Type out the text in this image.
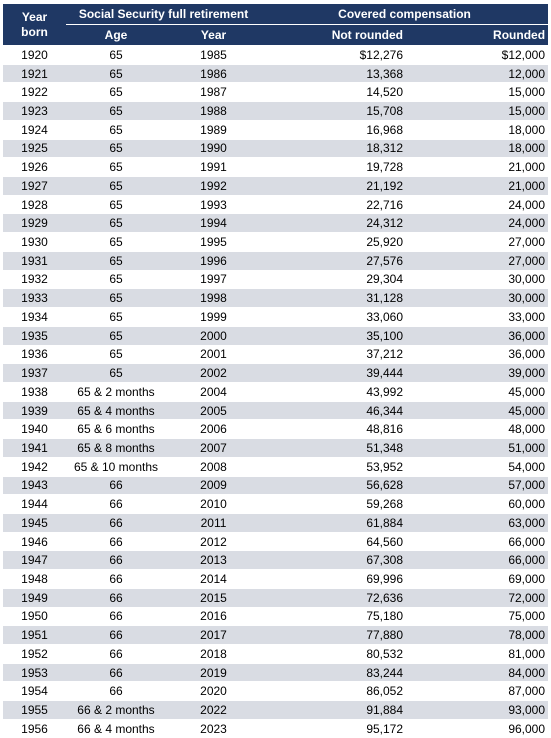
Year
born	Social Security full retirement		Covered compensation	
	Age	Year	Not rounded	Rounded
1920	65	1985	$12,276	$12,000
1921	65	1986	13,368	12,000
1922	65	1987	14,520	15,000
1923	65	1988	15,708	15,000
1924	65	1989	16,968	18,000
1925	65	1990	18,312	18,000
1926	65	1991	19,728	21,000
1927	65	1992	21,192	21,000
1928	65	1993	22,716	24,000
1929	65	1994	24,312	24,000
1930	65	1995	25,920	27,000
1931	65	1996	27,576	27,000
1932	65	1997	29,304	30,000
1933	65	1998	31,128	30,000
1934	65	1999	33,060	33,000
1935	65	2000	35,100	36,000
1936	65	2001	37,212	36,000
1937	65	2002	39,444	39,000
1938	65 & 2 months	2004	43,992	45,000
1939	65 & 4 months	2005	46,344	45,000
1940	65 & 6 months	2006	48,816	48,000
1941	65 & 8 months	2007	51,348	51,000
1942	65 & 10 months	2008	53,952	54,000
1943	66	2009	56,628	57,000
1944	66	2010	59,268	60,000
1945	66	2011	61,884	63,000
1946	66	2012	64,560	66,000
1947	66	2013	67,308	66,000
1948	66	2014	69,996	69,000
1949	66	2015	72,636	72,000
1950	66	2016	75,180	75,000
1951	66	2017	77,880	78,000
1952	66	2018	80,532	81,000
1953	66	2019	83,244	84,000
1954	66	2020	86,052	87,000
1955	66 & 2 months	2022	91,884	93,000
1956	66 & 4 months	2023	95,172	96,000
